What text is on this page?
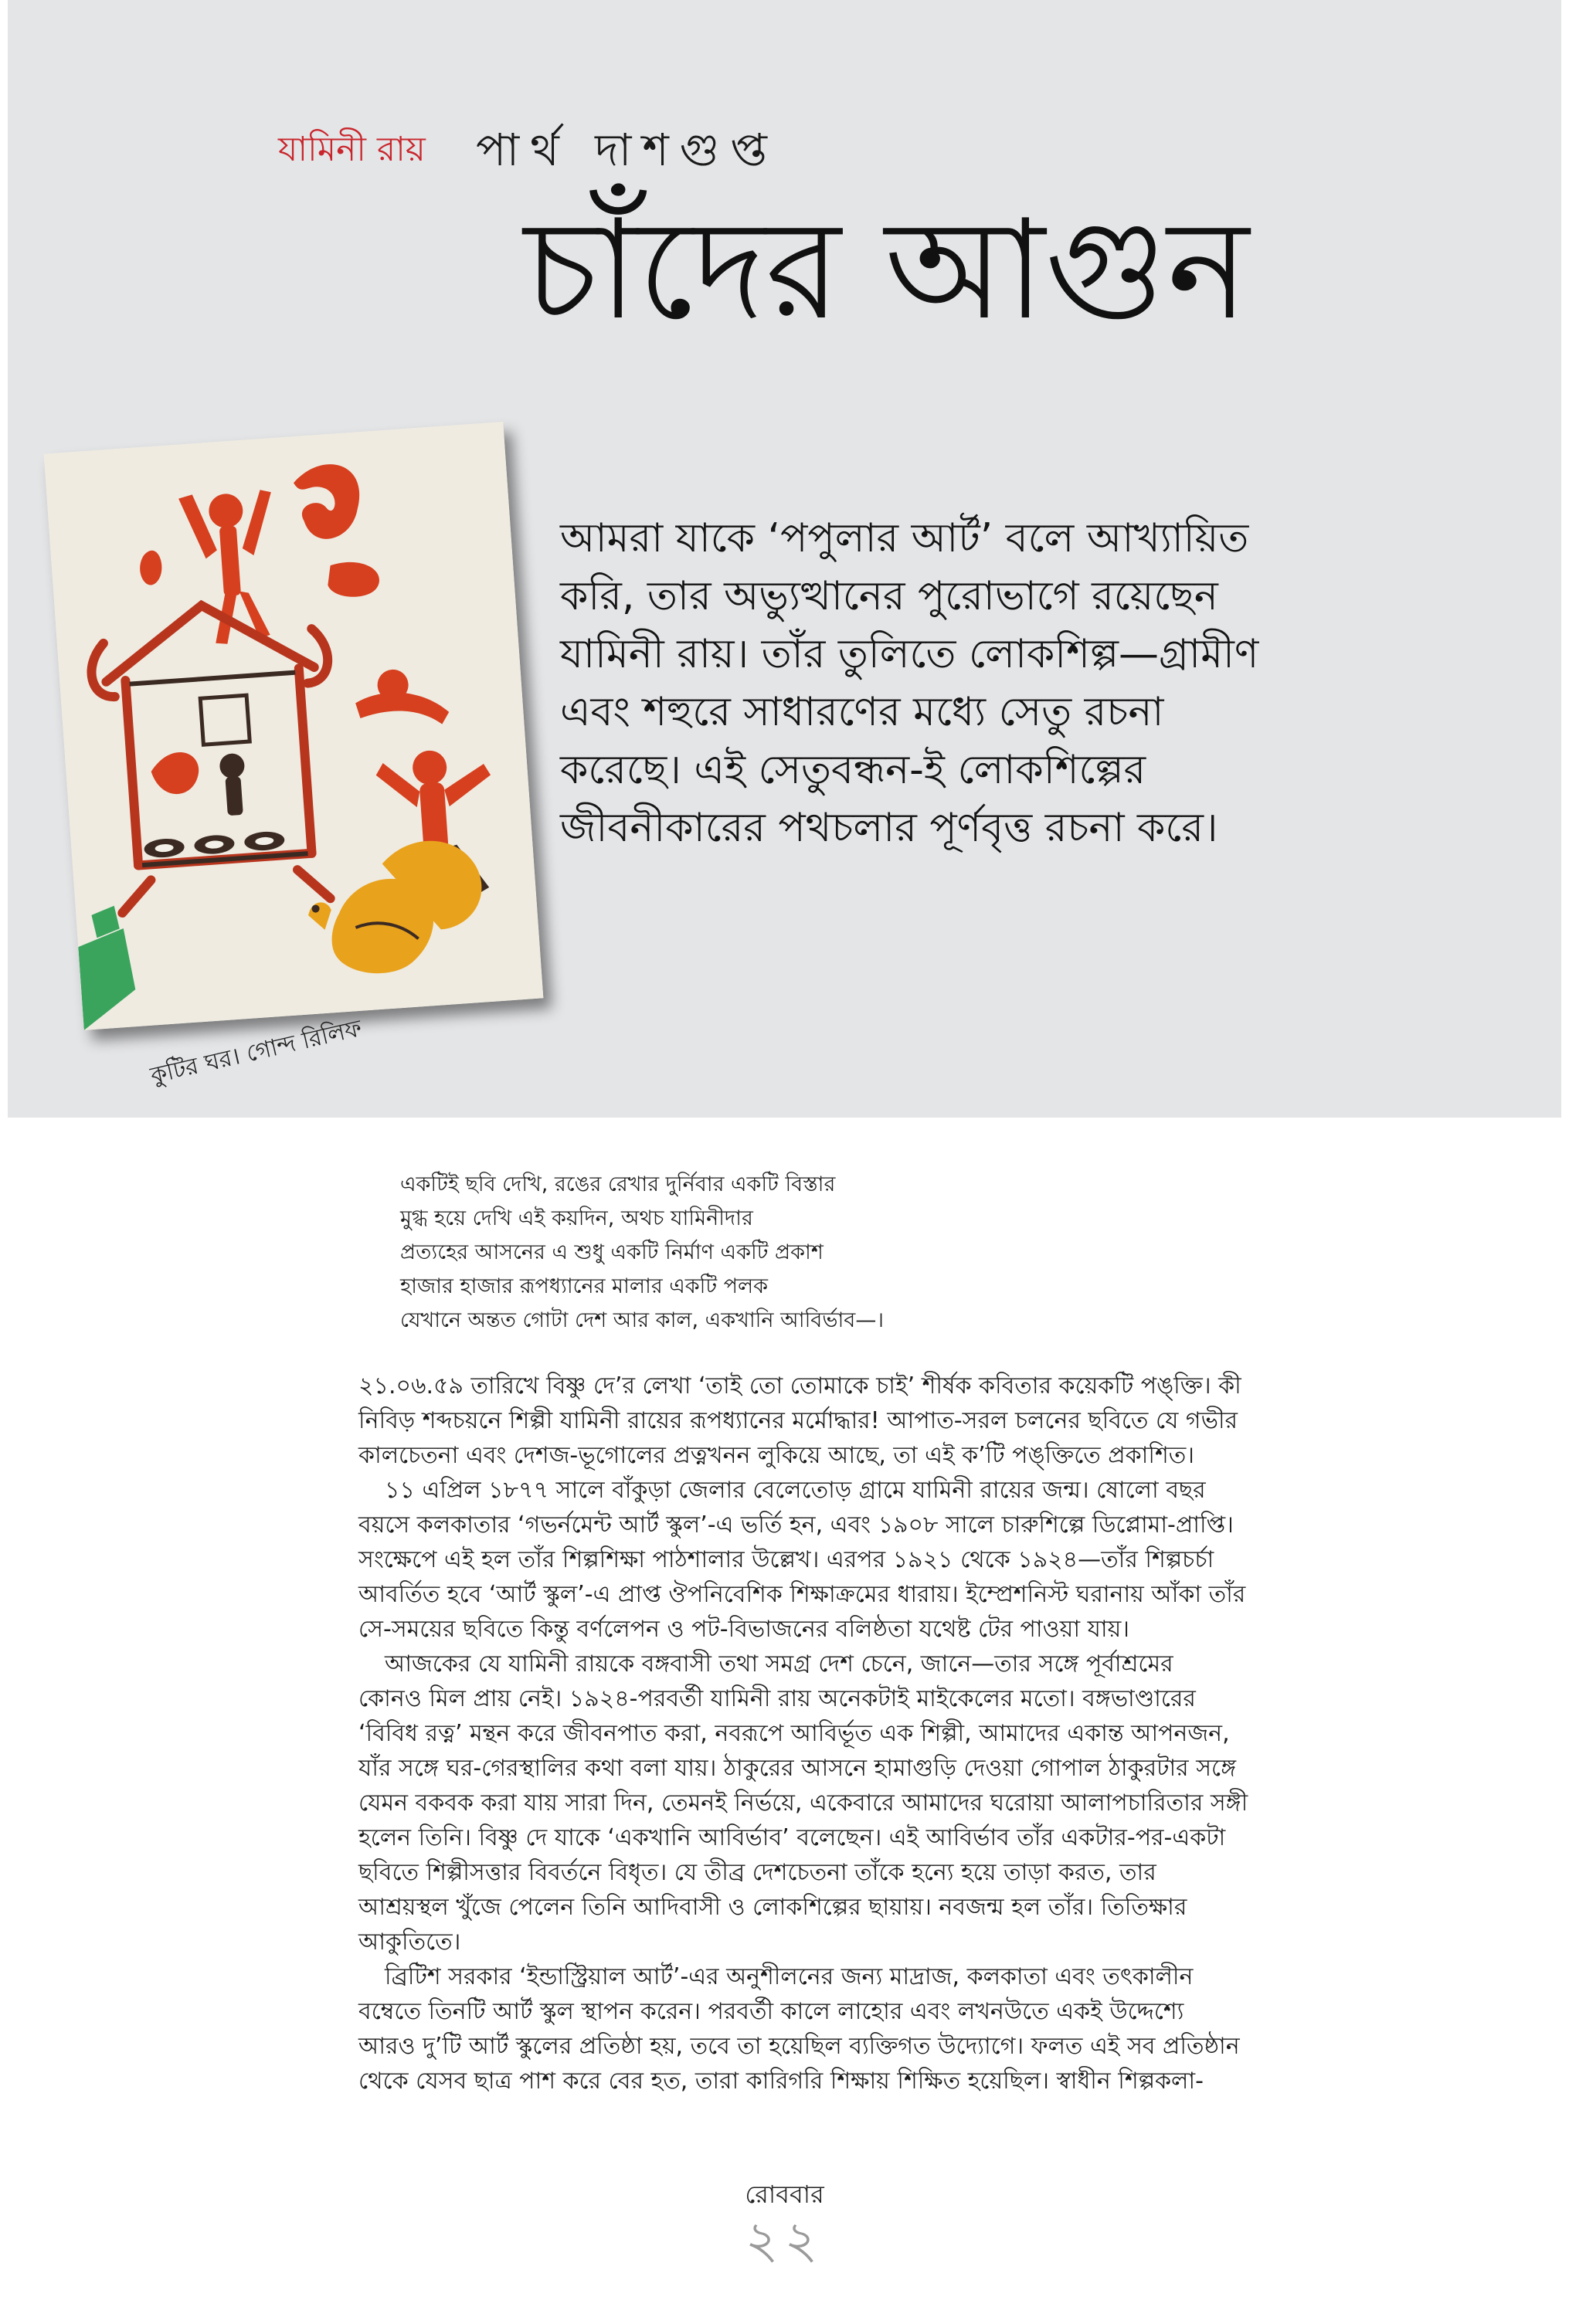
যামিনী রায় পার্থ দাশগুপ্ত
চাঁদের আগুন
কুটির ঘর। গোন্দ রিলিফ
আমরা যাকে ‘পপুলার আর্ট’ বলে আখ্যায়িত
করি, তার অভ্যুত্থানের পুরোভাগে রয়েছেন
যামিনী রায়। তাঁর তুলিতে লোকশিল্প—গ্রামীণ
এবং শহুরে সাধারণের মধ্যে সেতু রচনা
করেছে। এই সেতুবন্ধন-ই লোকশিল্পের
জীবনীকারের পথচলার পূর্ণবৃত্ত রচনা করে।
একটিই ছবি দেখি, রঙের রেখার দুর্নিবার একটি বিস্তার
মুগ্ধ হয়ে দেখি এই কয়দিন, অথচ যামিনীদার
প্রত্যহের আসনের এ শুধু একটি নির্মাণ একটি প্রকাশ
হাজার হাজার রূপধ্যানের মালার একটি পলক
যেখানে অন্তত গোটা দেশ আর কাল, একখানি আবির্ভাব—।
২১.০৬.৫৯ তারিখে বিষ্ণু দে’র লেখা ‘তাই তো তোমাকে চাই’ শীর্ষক কবিতার কয়েকটি পঙ্‌ক্তি। কী
নিবিড় শব্দচয়নে শিল্পী যামিনী রায়ের রূপধ্যানের মর্মোদ্ধার! আপাত-সরল চলনের ছবিতে যে গভীর
কালচেতনা এবং দেশজ-ভূগোলের প্রত্নখনন লুকিয়ে আছে, তা এই ক’টি পঙ্‌ক্তিতে প্রকাশিত।
১১ এপ্রিল ১৮৭৭ সালে বাঁকুড়া জেলার বেলেতোড় গ্রামে যামিনী রায়ের জন্ম। ষোলো বছর
বয়সে কলকাতার ‘গভর্নমেন্ট আর্ট স্কুল’-এ ভর্তি হন, এবং ১৯০৮ সালে চারুশিল্পে ডিপ্লোমা-প্রাপ্তি।
সংক্ষেপে এই হল তাঁর শিল্পশিক্ষা পাঠশালার উল্লেখ। এরপর ১৯২১ থেকে ১৯২৪—তাঁর শিল্পচর্চা
আবর্তিত হবে ‘আর্ট স্কুল’-এ প্রাপ্ত ঔপনিবেশিক শিক্ষাক্রমের ধারায়। ইম্প্রেশনিস্ট ঘরানায় আঁকা তাঁর
সে-সময়ের ছবিতে কিন্তু বর্ণলেপন ও পট-বিভাজনের বলিষ্ঠতা যথেষ্ট টের পাওয়া যায়।
আজকের যে যামিনী রায়কে বঙ্গবাসী তথা সমগ্র দেশ চেনে, জানে—তার সঙ্গে পূর্বাশ্রমের
কোনও মিল প্রায় নেই। ১৯২৪-পরবর্তী যামিনী রায় অনেকটাই মাইকেলের মতো। বঙ্গভাণ্ডারের
‘বিবিধ রত্ন’ মন্থন করে জীবনপাত করা, নবরূপে আবির্ভূত এক শিল্পী, আমাদের একান্ত আপনজন,
যাঁর সঙ্গে ঘর-গেরস্থালির কথা বলা যায়। ঠাকুরের আসনে হামাগুড়ি দেওয়া গোপাল ঠাকুরটার সঙ্গে
যেমন বকবক করা যায় সারা দিন, তেমনই নির্ভয়ে, একেবারে আমাদের ঘরোয়া আলাপচারিতার সঙ্গী
হলেন তিনি। বিষ্ণু দে যাকে ‘একখানি আবির্ভাব’ বলেছেন। এই আবির্ভাব তাঁর একটার-পর-একটা
ছবিতে শিল্পীসত্তার বিবর্তনে বিধৃত। যে তীব্র দেশচেতনা তাঁকে হন্যে হয়ে তাড়া করত, তার
আশ্রয়স্থল খুঁজে পেলেন তিনি আদিবাসী ও লোকশিল্পের ছায়ায়। নবজন্ম হল তাঁর। তিতিক্ষার
আকুতিতে।
ব্রিটিশ সরকার ‘ইন্ডাস্ট্রিয়াল আর্ট’-এর অনুশীলনের জন্য মাদ্রাজ, কলকাতা এবং তৎকালীন
বম্বেতে তিনটি আর্ট স্কুল স্থাপন করেন। পরবর্তী কালে লাহোর এবং লখনউতে একই উদ্দেশ্যে
আরও দু’টি আর্ট স্কুলের প্রতিষ্ঠা হয়, তবে তা হয়েছিল ব্যক্তিগত উদ্যোগে। ফলত এই সব প্রতিষ্ঠান
থেকে যেসব ছাত্র পাশ করে বের হত, তারা কারিগরি শিক্ষায় শিক্ষিত হয়েছিল। স্বাধীন শিল্পকলা-
রোববার
২২
